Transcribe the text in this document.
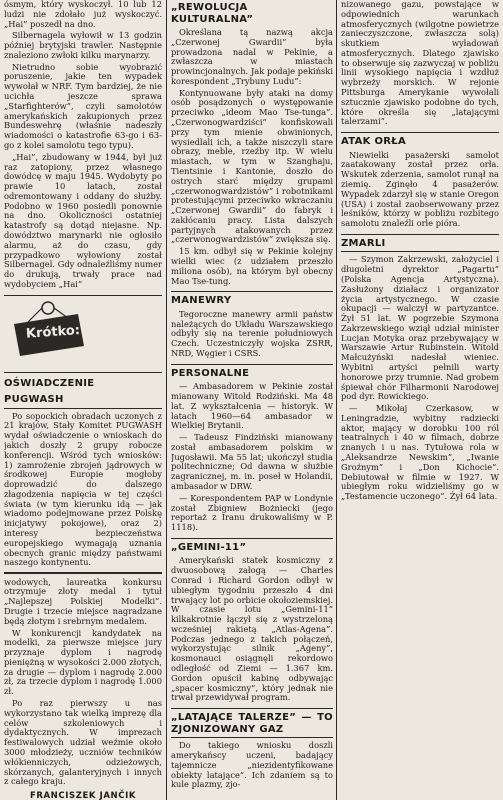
ósmym, który wyskoczył. 10 lub 12 ludzi nie zdołało już wyskoczyć. „Hai” poszedł na dno.

Silbernagela wyłowił w 13 godzin później brytyjski trawler. Następnie znaleziono zwłoki kilku marynarzy.

Nietrudno sobie wyobrazić poruszenie, jakie ten wypadek wywołał w NRF. Tym bardziej, że nie ucichła jeszcze sprawa „Starfighterów”, czyli samolotów amerykańskich zakupionych przez Bundeswehrę (właśnie nadeszły wiadomości o katastrofie 63-go i 63-go z kolei samolotu tego typu).

„Hai”, zbudowany w 1944, był już raz zatopiony, przez własnego dowódcę w maju 1945. Wydobyty po prawie 10 latach, został odremontowany i oddany do służby. Podobno w 1960 posiedli ponownie na dno. Okoliczności ostatniej katastrofy są dotąd niejasne. Np. dowództwo marynarki nie ogłosiło alarmu, aż do czasu, gdy przypadkowo wyłowiony został Silbernagel. Gdy odnaleźliśmy numer do drukują, trwały prace nad wydobyciem „Hai”

Krótko:
OŚWIADCZENIE
PUGWASH

Po sopockich obradach uczonych z 21 krajów, Stały Komitet PUGWASH wydał oświadczenie o wnioskach do jakich doszły 2 grupy robocze konferencji. Wśród tych wniosków: 1) zamrożenie zbrojeń jądrowych w środkowej Europie mogłoby doprowadzić do dalszego złagodzenia napięcia w tej części świata (w tym kierunku idą — jak wiadomo podejmowane przez Polskę inicjatywy pokojowe), oraz 2) interesy bezpieczeństwa europejskiego wymagają uznania obecnych granic między państwami naszego kontynentu.

wodowych, laureatka konkursu otrzymuje złoty medal i tytuł „Najlepszej Polskiej Modelki”. Drugie i trzecie miejsce nagradzane będą złotym i srebrnym medalem.

W konkurencji kandydatek na modelki, za pierwsze miejsce jury przyznaje dyplom i nagrodę pieniężną w wysokości 2.000 złotych, za drugie — dyplom i nagrodę 2.000 zł, za trzecie dyplom i nagrodę 1.000 zł.

Po raz pierwszy u nas wykorzystano tak wielką imprezę dla celów szkoleniowych i dydaktycznych. W imprezach festiwalowych udział weźmie około 3000 młodzieży, uczniów techników włókienniczych, odzieżowych, skórzanych, galanteryjnych i innych z całego kraju.

FRANCISZEK JANČIK
„REWOLUCJA KULTURALNA”

Określana tą nazwą akcja „Czerwonej Gwardii” była prowadzona nadal w Pekinie, a zwłaszcza w miastach prowincjonalnych. Jak podaje pekiński korespondent „Trybuny Ludu”:

Kontynuowane były ataki na domy osób posądzonych o występowanie przeciwko „ideom Mao Tse-tunga”. „Czerwonogwardziści” konfiskowali przy tym mienie obwinionych, wysiedlali ich, a także niszczyli stare obrazy, meble, rzeźby itp. W wielu miastach, w tym w Szanghaju, Tientsinie i Kantonie, doszło do ostrych starć między grupami „czerwonogwardzistów” i robotnikami protestującymi przeciwko wkraczaniu „Czerwonej Gwardii” do fabryk i zakłócaniu pracy. Lista dalszych partyjnych atakowanych przez „czerwonogwardzistów” zwiększa się.

15 km. odbył się w Pekinie kolejny wielki wiec (z udziałem przeszło miliona osób), na którym był obecny Mao Tse-tung.

MANEWRY

Tegoroczne manewry armii państw należących do Układu Warszawskiego odbyły się na terenie południowych Czech. Uczestniczyły wojska ZSRR, NRD, Węgier i CSRS.

PERSONALNE

— Ambasadorem w Pekinie został mianowany Witold Rodziński. Ma 48 lat. Z wykształcenia — historyk. W latach 1960—64 ambasador w Wielkiej Brytanii.

— Tadeusz Findziński mianowany został ambasadorem polskim w Jugosławii. Ma 55 lat; ukończył studia politechniczne; Od dawna w służbie zagranicznej, m. in. poseł w Holandii, ambasador w DRW.

— Korespondentem PAP w Londynie został Zbigniew Bożniecki (jego reportaż z Iranu drukowaliśmy w P. 1118).

„GEMINI-11”

Amerykański statek kosmiczny z dwuosobową załogą — Charles Conrad i Richard Gordon odbył w ubiegłym tygodniu przeszło 4 dni trwający lot po orbicie okołoziemskiej. W czasie lotu „Gemini-11” kilkakrotnie łączył się z wystrzeloną wcześniej rakietą „Atlas-Agena”. Podczas jednego z takich połączeń, wykorzystując silnik „Ageny”, kosmonauci osiągnęli rekordowo odległość od Ziemi — 1.367 km. Gordon opuścił kabinę odbywając „spacer kosmiczny”, który jednak nie trwał przewidywał program.

„LATAJĄCE TALERZE” — TO ZJONIZOWANY GAZ

Do takiego wniosku doszli amerykańscy uczeni, badający tajemnicze „niezidentyfikowane obiekty latające”. Ich zdaniem są to kule plazmy, zjo-

nizowanego gazu, powstające w odpowiednich warunkach atmosferycznych (wilgotne powietrze zanieczyszczone, zwłaszcza solą) skutkiem wyładowań atmosferycznych. Dlatego zjawisko to obserwuje się zazwyczaj w pobliżu linii wysokiego napięcia i wzdłuż wybrzeży morskich. W rejonie Pittsburga Amerykanie wywołali sztucznie zjawisko podobne do tych, które określa się „latającymi talerzami”.

ATAK ORŁA

Niewielki pasażerski samolot zaatakowany został przez orła. Wskutek zderzenia, samolot runął na ziemię. Zginęło 4 pasażerów. Wypadek zdarzył się w stanie Oregon (USA) i został zaobserwowany przez leśników, którzy w pobliżu rozbitego samolotu znaleźli orle pióra.

ZMARLI

— Szymon Zakrzewski, założyciel i długoletni dyrektor „Pagartu” (Polska Agencja Artystyczna). Zasłużony działacz i organizator życia artystycznego. W czasie okupacji — walczył w partyzantce. Żył 51 lat. W pogrzebie Szymona Zakrzewskiego wziął udział minister Lucjan Motyka oraz przebywający w Warszawie Artur Rubinstein. Witold Małcużyński nadesłał wieniec. Wybitni artyści pełnili warty honorowe przy trumnie. Nad grobem śpiewał chór Filharmonii Narodowej pod dyr. Rowickiego.

— Mikołaj Czerkasow, w Leningradzie, wybitny radziecki aktor, mający w dorobku 100 ról teatralnych i 40 w filmach, dobrze znanych i u nas. Tytułowa rola w „Aleksandrze Newskim”, „Iwanie Groźnym” i „Don Kichocie”. Debiutował w filmie w 1927. W ubiegłym roku widzieliśmy go w „Testamencie uczonego”. Żył 64 lata.
